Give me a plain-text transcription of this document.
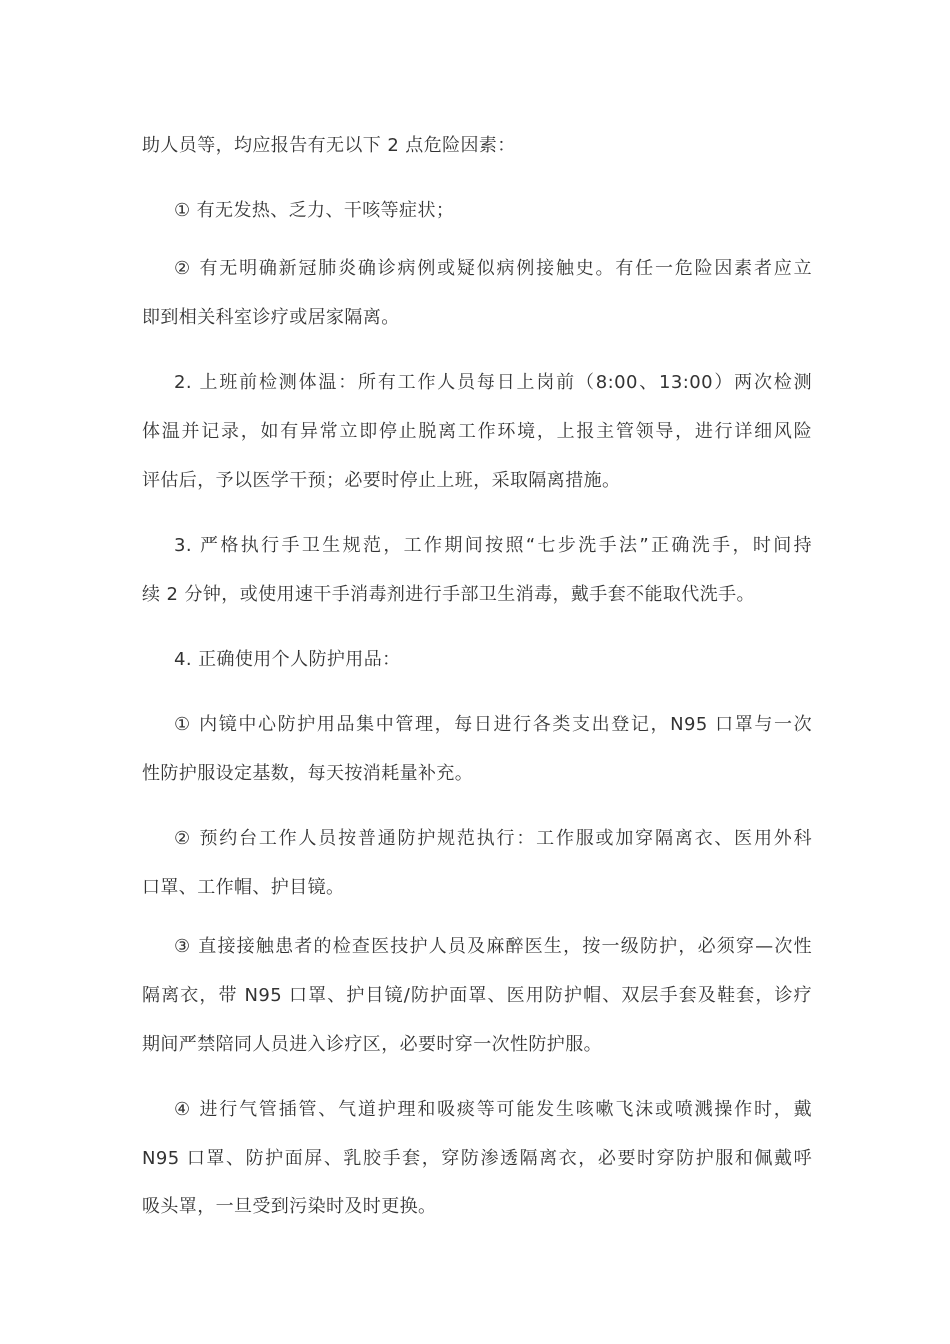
助人员等，均应报告有无以下 2 点危险因素：
① 有无发热、乏力、干咳等症状；
② 有无明确新冠肺炎确诊病例或疑似病例接触史。有任一危险因素者应立
即到相关科室诊疗或居家隔离。
2. 上班前检测体温：所有工作人员每日上岗前（8:00、13:00）两次检测
体温并记录，如有异常立即停止脱离工作环境，上报主管领导，进行详细风险
评估后，予以医学干预；必要时停止上班，采取隔离措施。
3. 严格执行手卫生规范，工作期间按照“七步洗手法”正确洗手，时间持
续 2 分钟，或使用速干手消毒剂进行手部卫生消毒，戴手套不能取代洗手。
4. 正确使用个人防护用品：
① 内镜中心防护用品集中管理，每日进行各类支出登记，N95 口罩与一次
性防护服设定基数，每天按消耗量补充。
② 预约台工作人员按普通防护规范执行：工作服或加穿隔离衣、医用外科
口罩、工作帽、护目镜。
③ 直接接触患者的检查医技护人员及麻醉医生，按一级防护，必须穿—次性
隔离衣，带 N95 口罩、护目镜/防护面罩、医用防护帽、双层手套及鞋套，诊疗
期间严禁陪同人员进入诊疗区，必要时穿一次性防护服。
④ 进行气管插管、气道护理和吸痰等可能发生咳嗽飞沫或喷溅操作时，戴
N95 口罩、防护面屏、乳胶手套，穿防渗透隔离衣，必要时穿防护服和佩戴呼
吸头罩，一旦受到污染时及时更换。
